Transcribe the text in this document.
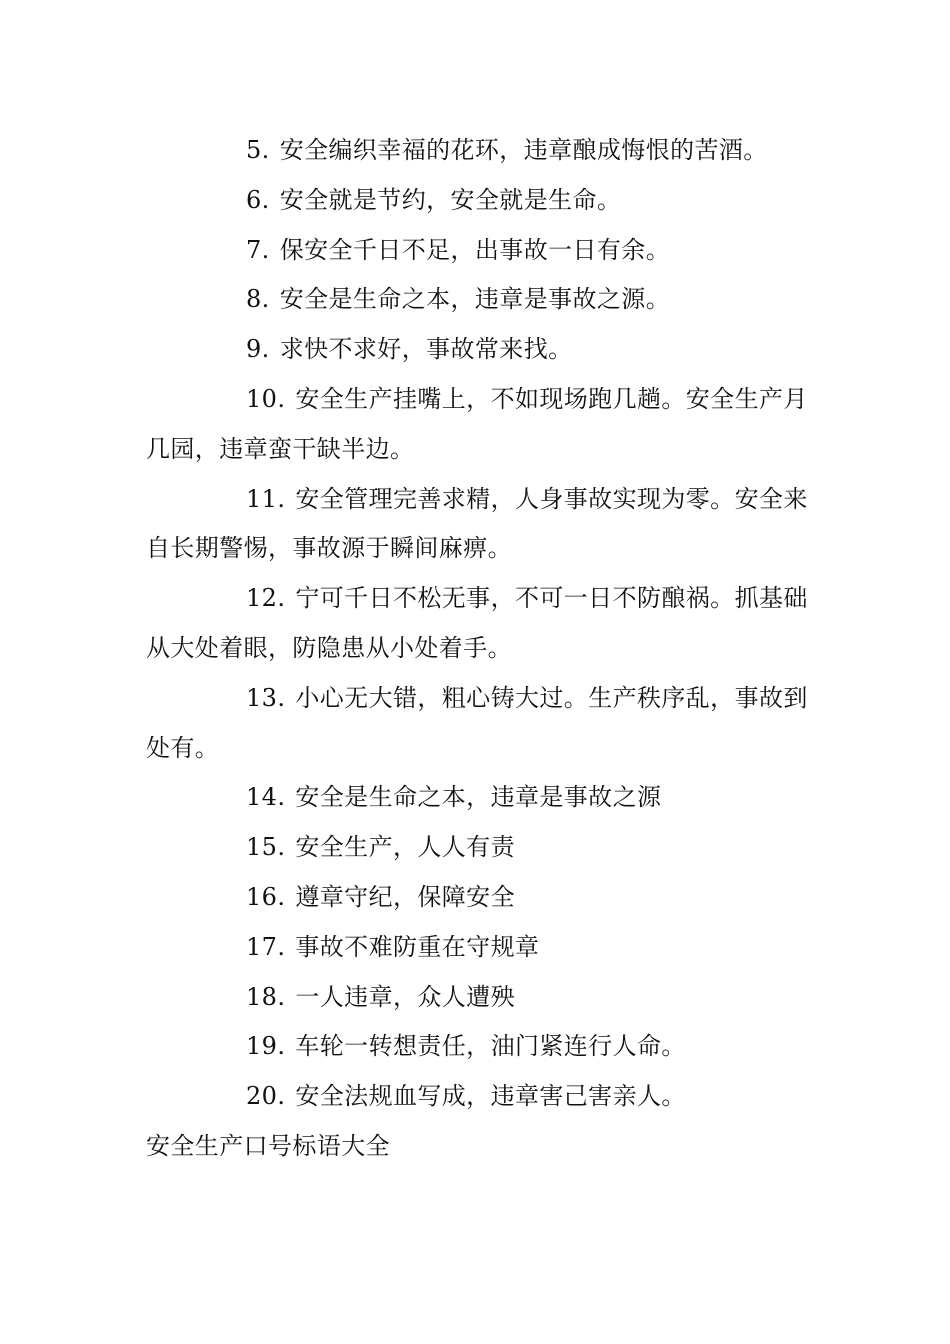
5. 安全编织幸福的花环，违章酿成悔恨的苦酒。

6. 安全就是节约，安全就是生命。

7. 保安全千日不足，出事故一日有余。

8. 安全是生命之本，违章是事故之源。

9. 求快不求好，事故常来找。

10. 安全生产挂嘴上，不如现场跑几趟。安全生产月几园，违章蛮干缺半边。

11. 安全管理完善求精，人身事故实现为零。安全来自长期警惕，事故源于瞬间麻痹。

12. 宁可千日不松无事，不可一日不防酿祸。抓基础从大处着眼，防隐患从小处着手。

13. 小心无大错，粗心铸大过。生产秩序乱，事故到处有。

14. 安全是生命之本，违章是事故之源

15. 安全生产，人人有责

16. 遵章守纪，保障安全

17. 事故不难防重在守规章

18. 一人违章，众人遭殃

19. 车轮一转想责任，油门紧连行人命。

20. 安全法规血写成，违章害己害亲人。

安全生产口号标语大全
